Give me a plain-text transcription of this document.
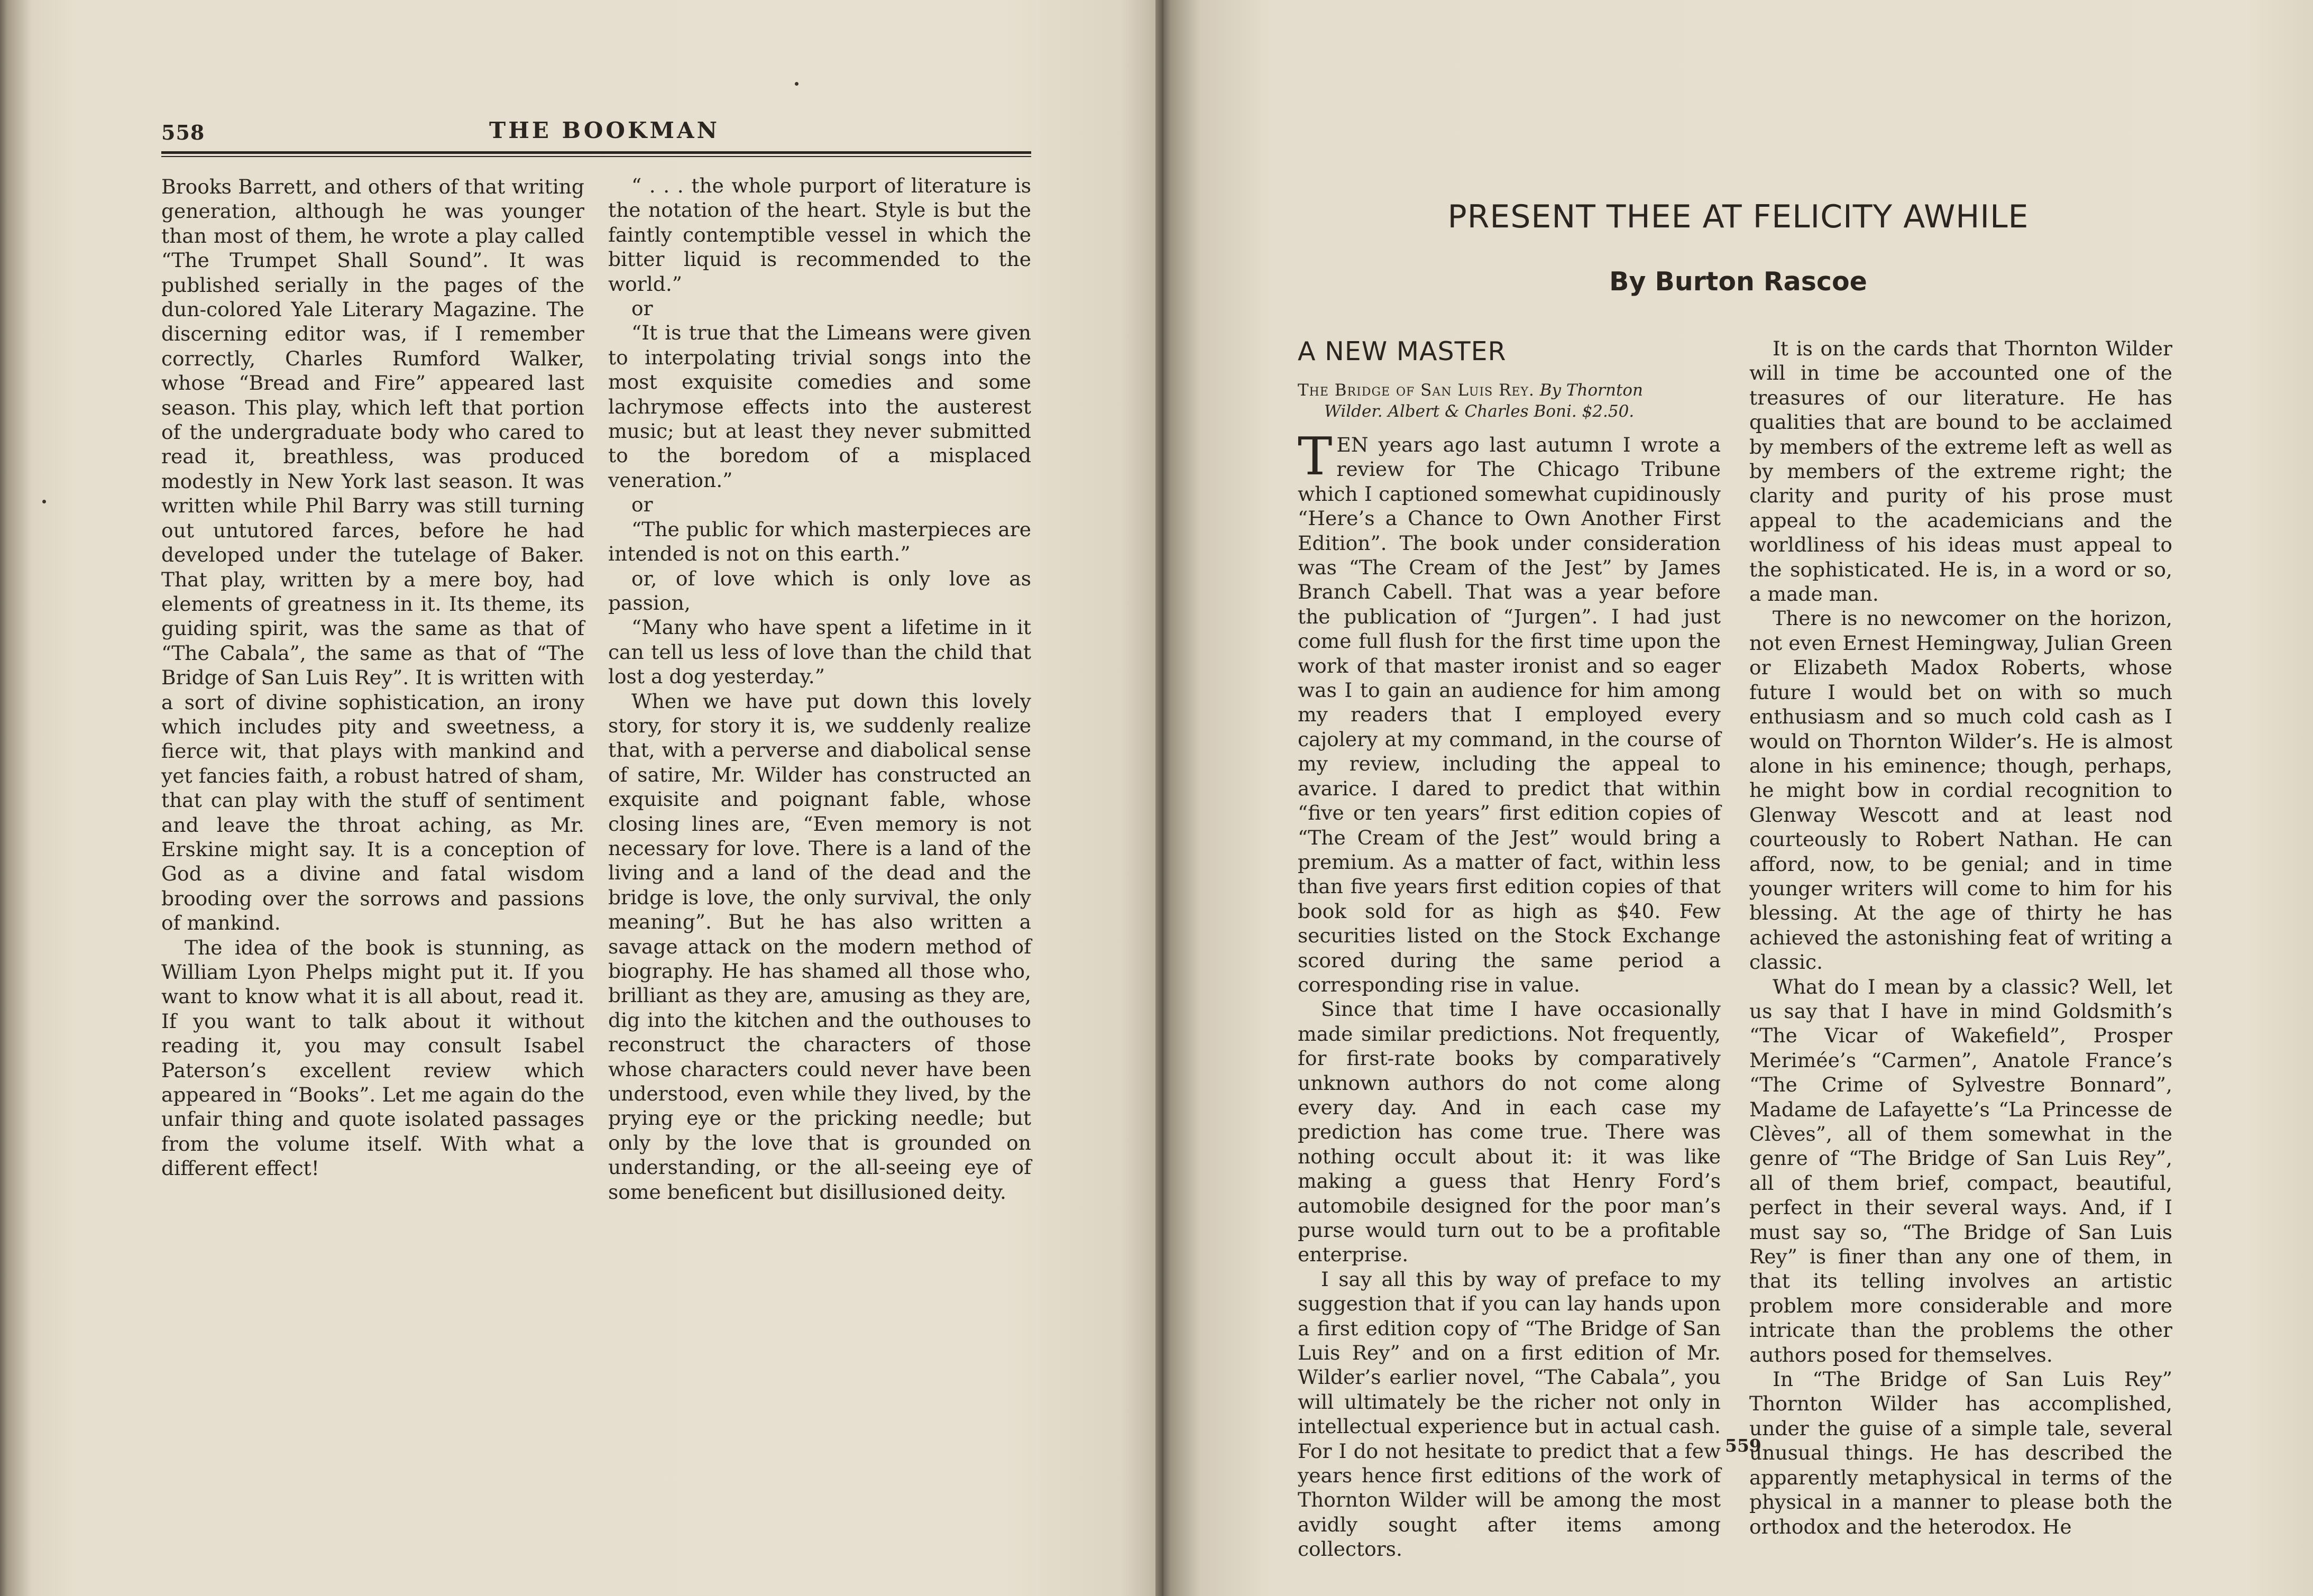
558	THE BOOKMAN

Brooks Barrett, and others of that writing generation, although he was younger than most of them, he wrote a play called “The Trumpet Shall Sound”. It was published serially in the pages of the dun-colored Yale Literary Magazine. The discerning editor was, if I remember correctly, Charles Rumford Walker, whose “Bread and Fire” appeared last season. This play, which left that portion of the undergraduate body who cared to read it, breathless, was produced modestly in New York last season. It was written while Phil Barry was still turning out untutored farces, before he had developed under the tutelage of Baker. That play, written by a mere boy, had elements of greatness in it. Its theme, its guiding spirit, was the same as that of “The Cabala”, the same as that of “The Bridge of San Luis Rey”. It is written with a sort of divine sophistication, an irony which includes pity and sweetness, a fierce wit, that plays with mankind and yet fancies faith, a robust hatred of sham, that can play with the stuff of sentiment and leave the throat aching, as Mr. Erskine might say. It is a conception of God as a divine and fatal wisdom brooding over the sorrows and passions of mankind.

The idea of the book is stunning, as William Lyon Phelps might put it. If you want to know what it is all about, read it. If you want to talk about it without reading it, you may consult Isabel Paterson’s excellent review which appeared in “Books”. Let me again do the unfair thing and quote isolated passages from the volume itself. With what a different effect!

“ . . . the whole purport of literature is the notation of the heart. Style is but the faintly contemptible vessel in which the bitter liquid is recommended to the world.”

or

“It is true that the Limeans were given to interpolating trivial songs into the most exquisite comedies and some lachrymose effects into the austerest music; but at least they never submitted to the boredom of a misplaced veneration.”

or

“The public for which masterpieces are intended is not on this earth.”

or, of love which is only love as passion,

“Many who have spent a lifetime in it can tell us less of love than the child that lost a dog yesterday.”

When we have put down this lovely story, for story it is, we suddenly realize that, with a perverse and diabolical sense of satire, Mr. Wilder has constructed an exquisite and poignant fable, whose closing lines are, “Even memory is not necessary for love. There is a land of the living and a land of the dead and the bridge is love, the only survival, the only meaning”. But he has also written a savage attack on the modern method of biography. He has shamed all those who, brilliant as they are, amusing as they are, dig into the kitchen and the outhouses to reconstruct the characters of those whose characters could never have been understood, even while they lived, by the prying eye or the pricking needle; but only by the love that is grounded on understanding, or the all-seeing eye of some beneficent but disillusioned deity.

PRESENT THEE AT FELICITY AWHILE
By Burton Rascoe
A NEW MASTER

The Bridge of San Luis Rey. By Thornton
Wilder. Albert & Charles Boni. $2.50.

TEN years ago last autumn I wrote a review for The Chicago Tribune which I captioned somewhat cupidinously “Here’s a Chance to Own Another First Edition”. The book under consideration was “The Cream of the Jest” by James Branch Cabell. That was a year before the publication of “Jurgen”. I had just come full flush for the first time upon the work of that master ironist and so eager was I to gain an audience for him among my readers that I employed every cajolery at my command, in the course of my review, including the appeal to avarice. I dared to predict that within “five or ten years” first edition copies of “The Cream of the Jest” would bring a premium. As a matter of fact, within less than five years first edition copies of that book sold for as high as $40. Few securities listed on the Stock Exchange scored during the same period a corresponding rise in value.

Since that time I have occasionally made similar predictions. Not frequently, for first-rate books by comparatively unknown authors do not come along every day. And in each case my prediction has come true. There was nothing occult about it: it was like making a guess that Henry Ford’s automobile designed for the poor man’s purse would turn out to be a profitable enterprise.

I say all this by way of preface to my suggestion that if you can lay hands upon a first edition copy of “The Bridge of San Luis Rey” and on a first edition of Mr. Wilder’s earlier novel, “The Cabala”, you will ultimately be the richer not only in intellectual experience but in actual cash. For I do not hesitate to predict that a few years hence first editions of the work of Thornton Wilder will be among the most avidly sought after items among collectors.

It is on the cards that Thornton Wilder will in time be accounted one of the treasures of our literature. He has qualities that are bound to be acclaimed by members of the extreme left as well as by members of the extreme right; the clarity and purity of his prose must appeal to the academicians and the worldliness of his ideas must appeal to the sophisticated. He is, in a word or so, a made man.

There is no newcomer on the horizon, not even Ernest Hemingway, Julian Green or Elizabeth Madox Roberts, whose future I would bet on with so much enthusiasm and so much cold cash as I would on Thornton Wilder’s. He is almost alone in his eminence; though, perhaps, he might bow in cordial recognition to Glenway Wescott and at least nod courteously to Robert Nathan. He can afford, now, to be genial; and in time younger writers will come to him for his blessing. At the age of thirty he has achieved the astonishing feat of writing a classic.

What do I mean by a classic? Well, let us say that I have in mind Goldsmith’s “The Vicar of Wakefield”, Prosper Merimée’s “Carmen”, Anatole France’s “The Crime of Sylvestre Bonnard”, Madame de Lafayette’s “La Princesse de Clèves”, all of them somewhat in the genre of “The Bridge of San Luis Rey”, all of them brief, compact, beautiful, perfect in their several ways. And, if I must say so, “The Bridge of San Luis Rey” is finer than any one of them, in that its telling involves an artistic problem more considerable and more intricate than the problems the other authors posed for themselves.

In “The Bridge of San Luis Rey” Thornton Wilder has accomplished, under the guise of a simple tale, several unusual things. He has described the apparently metaphysical in terms of the physical in a manner to please both the orthodox and the heterodox. He

559
